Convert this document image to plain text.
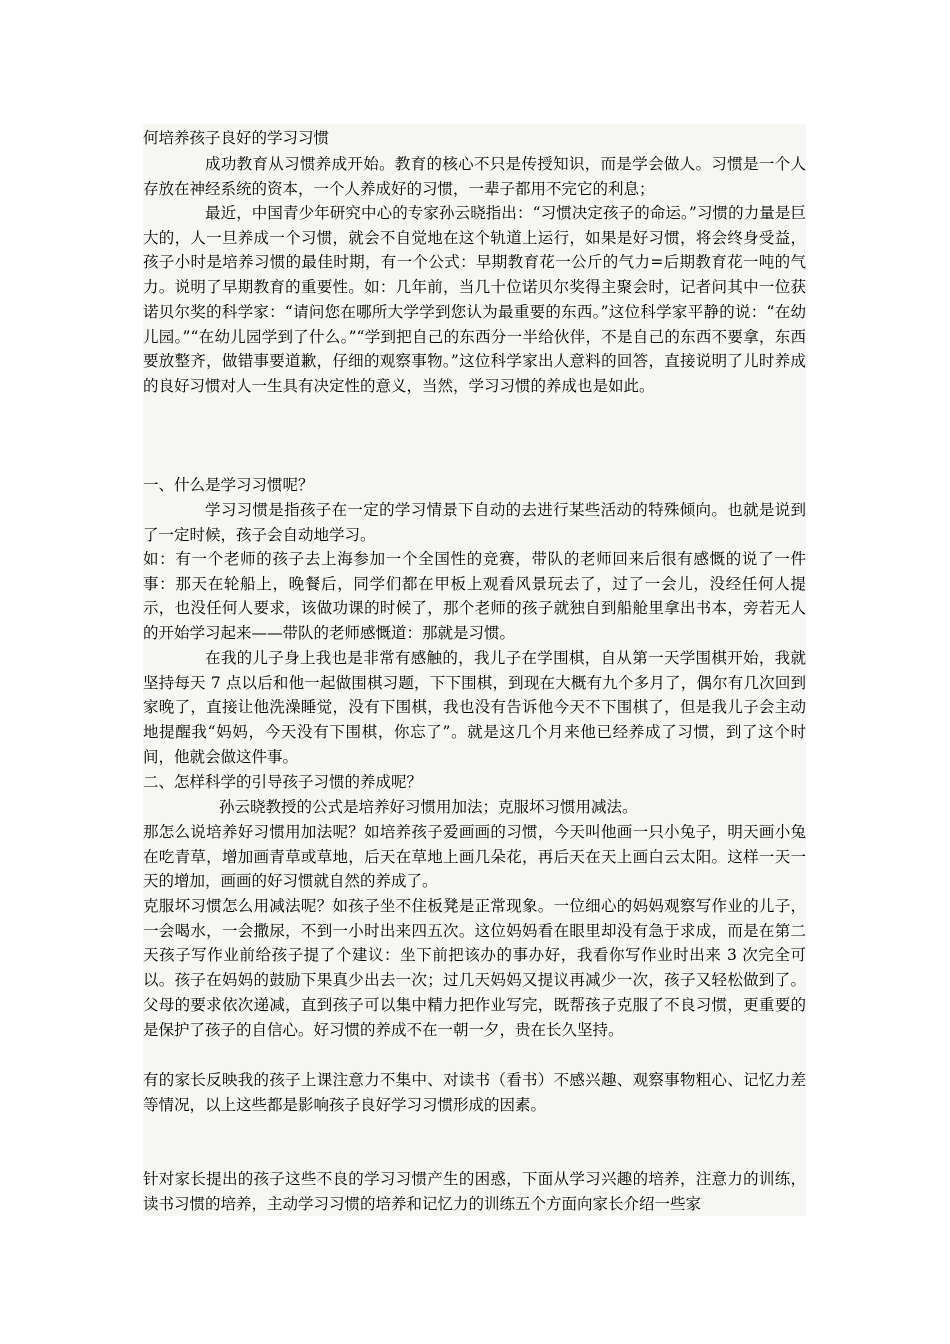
何培养孩子良好的学习习惯

成功教育从习惯养成开始。教育的核心不只是传授知识，而是学会做人。习惯是一个人存放在神经系统的资本，一个人养成好的习惯，一辈子都用不完它的利息；

最近，中国青少年研究中心的专家孙云晓指出：“习惯决定孩子的命运。”习惯的力量是巨大的，人一旦养成一个习惯，就会不自觉地在这个轨道上运行，如果是好习惯，将会终身受益，孩子小时是培养习惯的最佳时期，有一个公式：早期教育花一公斤的气力=后期教育花一吨的气力。说明了早期教育的重要性。如：几年前，当几十位诺贝尔奖得主聚会时，记者问其中一位获诺贝尔奖的科学家：“请问您在哪所大学学到您认为最重要的东西。”这位科学家平静的说：“在幼儿园。”“在幼儿园学到了什么。”“学到把自己的东西分一半给伙伴，不是自己的东西不要拿，东西要放整齐，做错事要道歉，仔细的观察事物。”这位科学家出人意料的回答，直接说明了儿时养成的良好习惯对人一生具有决定性的意义，当然，学习习惯的养成也是如此。

一、什么是学习习惯呢？

学习习惯是指孩子在一定的学习情景下自动的去进行某些活动的特殊倾向。也就是说到了一定时候，孩子会自动地学习。

如：有一个老师的孩子去上海参加一个全国性的竞赛，带队的老师回来后很有感慨的说了一件事：那天在轮船上，晚餐后，同学们都在甲板上观看风景玩去了，过了一会儿，没经任何人提示，也没任何人要求，该做功课的时候了，那个老师的孩子就独自到船舱里拿出书本，旁若无人的开始学习起来——带队的老师感慨道：那就是习惯。

在我的儿子身上我也是非常有感触的，我儿子在学围棋，自从第一天学围棋开始，我就坚持每天 7 点以后和他一起做围棋习题，下下围棋，到现在大概有九个多月了，偶尔有几次回到家晚了，直接让他洗澡睡觉，没有下围棋，我也没有告诉他今天不下围棋了，但是我儿子会主动地提醒我“妈妈，今天没有下围棋，你忘了”。就是这几个月来他已经养成了习惯，到了这个时间，他就会做这件事。

二、怎样科学的引导孩子习惯的养成呢？

孙云晓教授的公式是培养好习惯用加法；克服坏习惯用减法。

那怎么说培养好习惯用加法呢？如培养孩子爱画画的习惯，今天叫他画一只小兔子，明天画小兔在吃青草，增加画青草或草地，后天在草地上画几朵花，再后天在天上画白云太阳。这样一天一天的增加，画画的好习惯就自然的养成了。

克服坏习惯怎么用减法呢？如孩子坐不住板凳是正常现象。一位细心的妈妈观察写作业的儿子，一会喝水，一会撒尿，不到一小时出来四五次。这位妈妈看在眼里却没有急于求成，而是在第二天孩子写作业前给孩子提了个建议：坐下前把该办的事办好，我看你写作业时出来 3 次完全可以。孩子在妈妈的鼓励下果真少出去一次；过几天妈妈又提议再减少一次，孩子又轻松做到了。父母的要求依次递减，直到孩子可以集中精力把作业写完，既帮孩子克服了不良习惯，更重要的是保护了孩子的自信心。好习惯的养成不在一朝一夕，贵在长久坚持。

有的家长反映我的孩子上课注意力不集中、对读书（看书）不感兴趣、观察事物粗心、记忆力差等情况，以上这些都是影响孩子良好学习习惯形成的因素。

针对家长提出的孩子这些不良的学习习惯产生的困惑，下面从学习兴趣的培养，注意力的训练，读书习惯的培养，主动学习习惯的培养和记忆力的训练五个方面向家长介绍一些家
